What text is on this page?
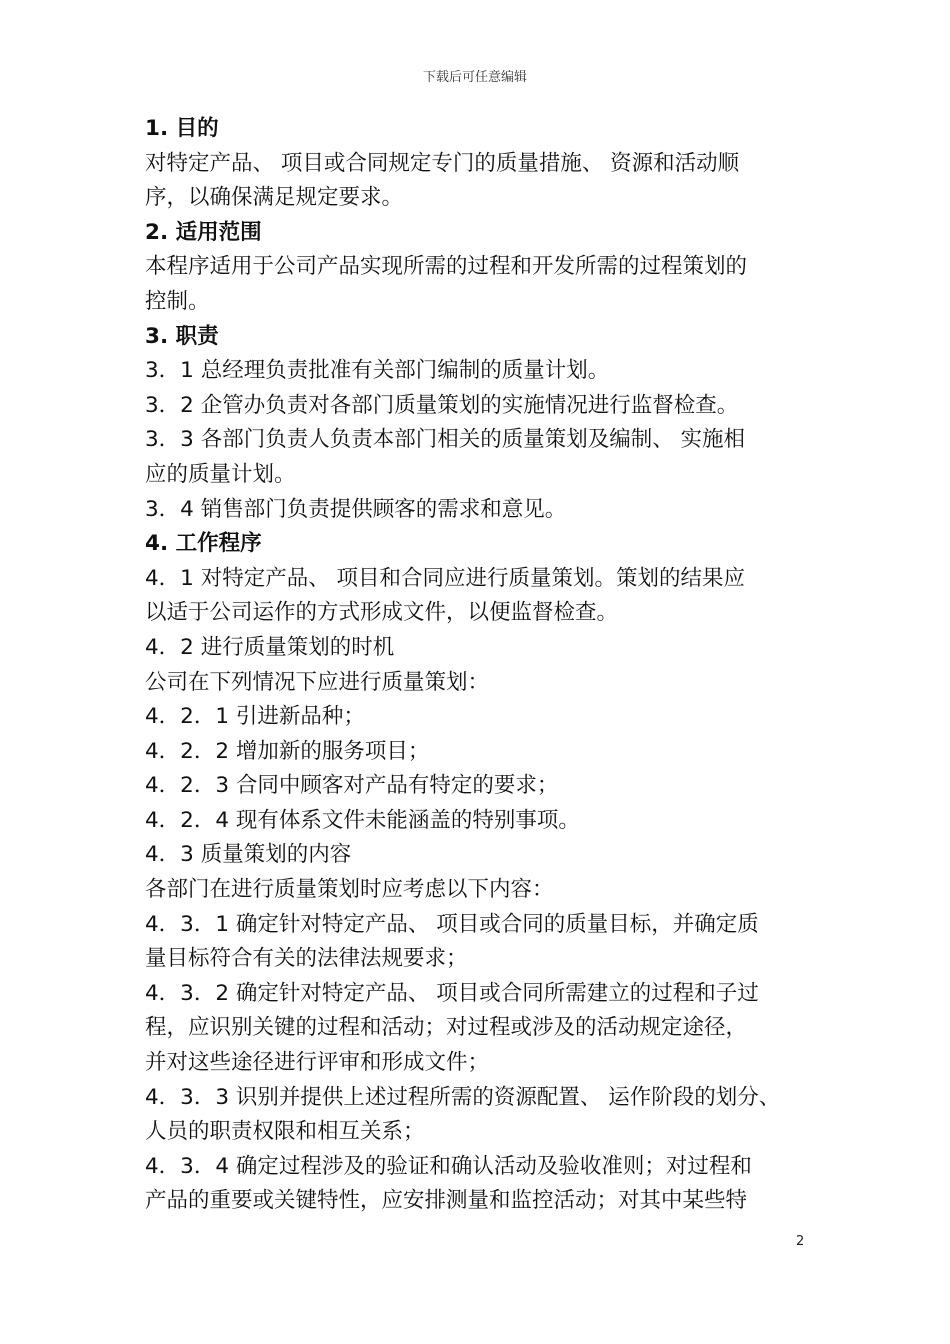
下载后可任意编辑
1. 目的
对特定产品、 项目或合同规定专门的质量措施、 资源和活动顺
序，以确保满足规定要求。
2. 适用范围
本程序适用于公司产品实现所需的过程和开发所需的过程策划的
控制。
3. 职责
3．1 总经理负责批准有关部门编制的质量计划。
3．2 企管办负责对各部门质量策划的实施情况进行监督检查。
3．3 各部门负责人负责本部门相关的质量策划及编制、 实施相
应的质量计划。
3．4 销售部门负责提供顾客的需求和意见。
4. 工作程序
4．1 对特定产品、 项目和合同应进行质量策划。策划的结果应
以适于公司运作的方式形成文件，以便监督检查。
4．2 进行质量策划的时机
公司在下列情况下应进行质量策划：
4．2．1 引进新品种；
4．2．2 增加新的服务项目；
4．2．3 合同中顾客对产品有特定的要求；
4．2．4 现有体系文件未能涵盖的特别事项。
4．3 质量策划的内容
各部门在进行质量策划时应考虑以下内容：
4．3．1 确定针对特定产品、 项目或合同的质量目标，并确定质
量目标符合有关的法律法规要求；
4．3．2 确定针对特定产品、 项目或合同所需建立的过程和子过
程，应识别关键的过程和活动；对过程或涉及的活动规定途径，
并对这些途径进行评审和形成文件；
4．3．3 识别并提供上述过程所需的资源配置、 运作阶段的划分、
人员的职责权限和相互关系；
4．3．4 确定过程涉及的验证和确认活动及验收准则；对过程和
产品的重要或关键特性，应安排测量和监控活动；对其中某些特
2
